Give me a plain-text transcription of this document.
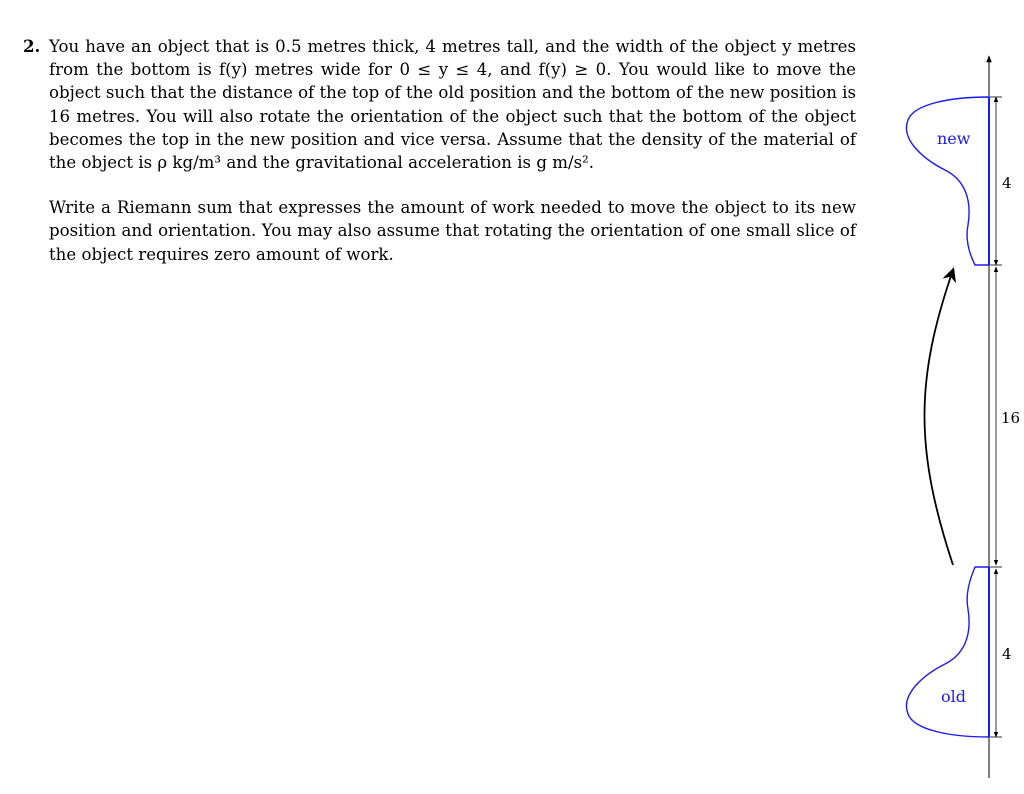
2. You have an object that is 0.5 metres thick, 4 metres tall, and the width of the object y metres from the bottom is f(y) metres wide for 0 ≤ y ≤ 4, and f(y) ≥ 0. You would like to move the object such that the distance of the top of the old position and the bottom of the new position is 16 metres. You will also rotate the orientation of the object such that the bottom of the object becomes the top in the new position and vice versa. Assume that the density of the material of the object is ρ kg/m³ and the gravitational acceleration is g m/s².

Write a Riemann sum that expresses the amount of work needed to move the object to its new position and orientation. You may also assume that rotating the orientation of one small slice of the object requires zero amount of work.

new
old
4
16
4
